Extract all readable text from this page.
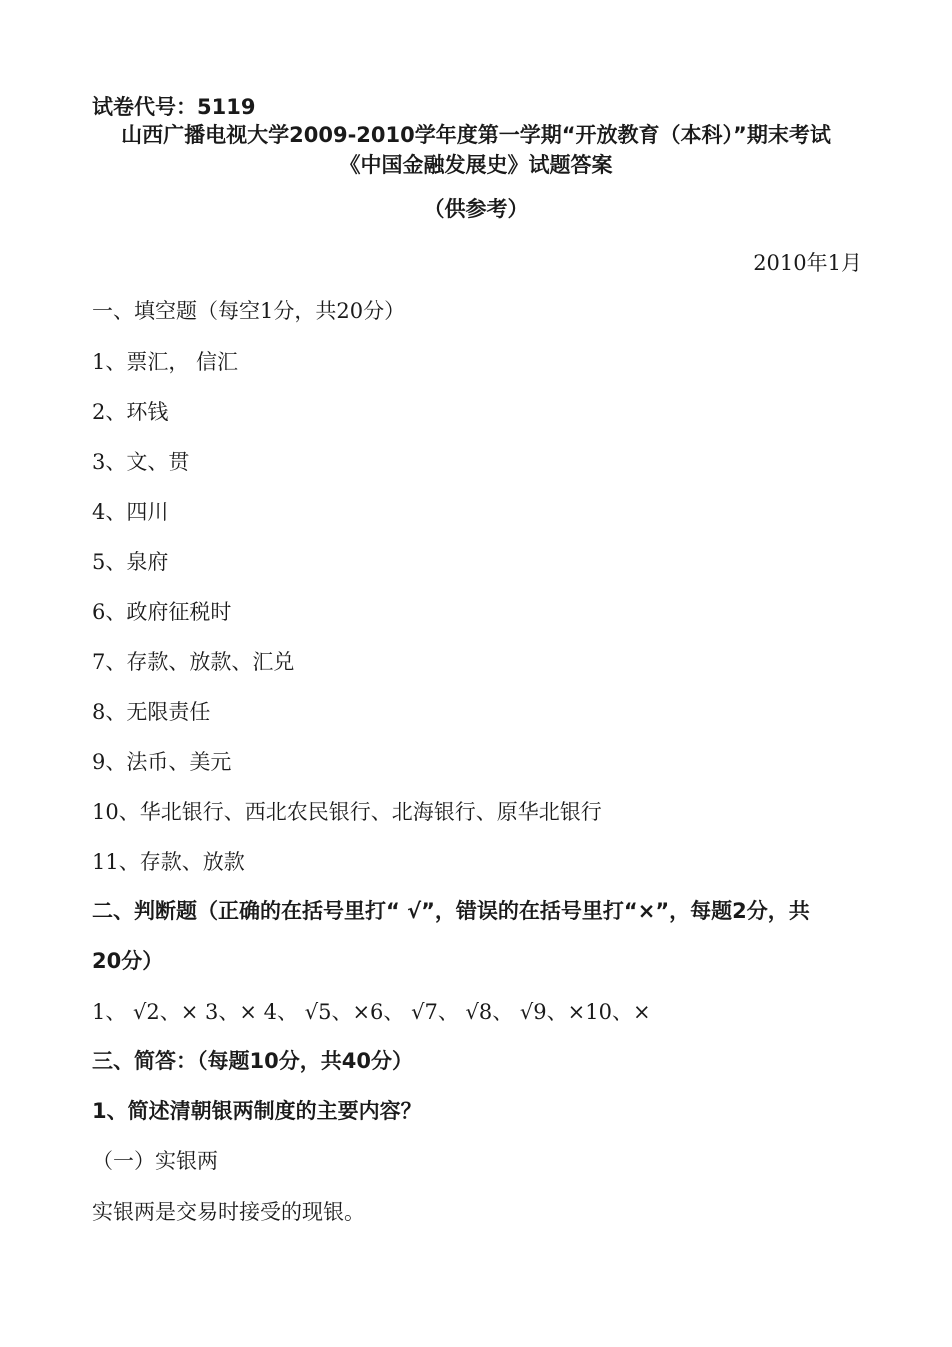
试卷代号：5119
山西广播电视大学2009-2010学年度第一学期“开放教育（本科）”期末考试
《中国金融发展史》试题答案
（供参考）
2010年1月
一、填空题（每空1分，共20分）
1、票汇， 信汇
2、环钱
3、文、贯
4、四川
5、泉府
6、政府征税时
7、存款、放款、汇兑
8、无限责任
9、法币、美元
10、华北银行、西北农民银行、北海银行、原华北银行
11、存款、放款
二、判断题（正确的在括号里打“ √”，错误的在括号里打“×”，每题2分，共
20分）
1、 √2、× 3、× 4、 √5、×6、 √7、 √8、 √9、×10、×
三、简答：（每题10分，共40分）
1、简述清朝银两制度的主要内容？
（一）实银两
实银两是交易时接受的现银。
